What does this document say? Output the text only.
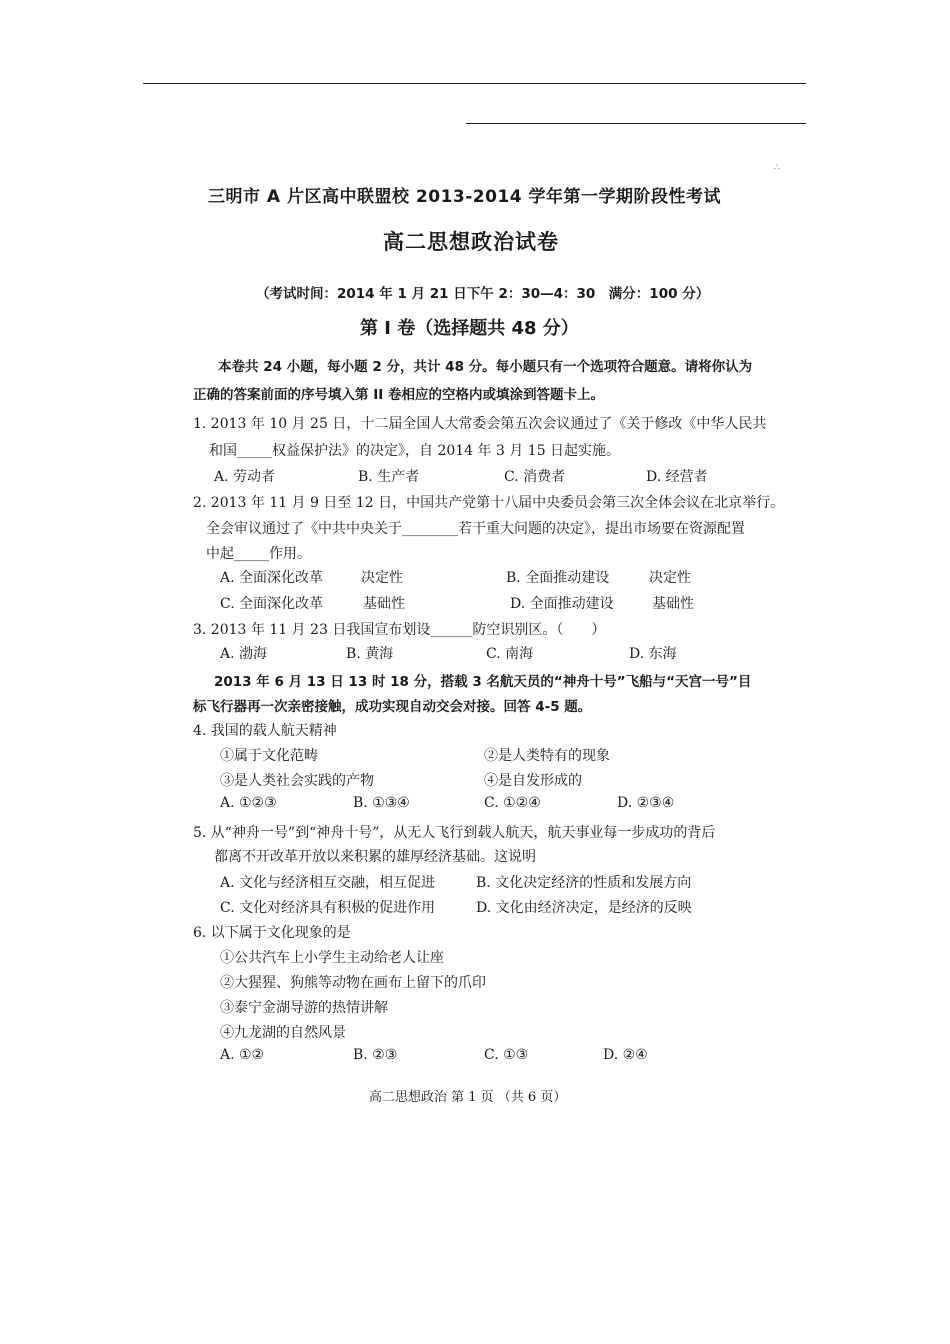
∴
三明市 A 片区高中联盟校 2013-2014 学年第一学期阶段性考试
高二思想政治试卷
（考试时间：2014 年 1 月 21 日下午 2：30—4：30　满分：100 分）
第 I 卷（选择题共 48 分）
本卷共 24 小题，每小题 2 分，共计 48 分。每小题只有一个选项符合题意。请将你认为
正确的答案前面的序号填入第 II 卷相应的空格内或填涂到答题卡上。
1. 2013 年 10 月 25 日，十二届全国人大常委会第五次会议通过了《关于修改《中华人民共
和国_____权益保护法》的决定》，自 2014 年 3 月 15 日起实施。
A. 劳动者	B. 生产者	C. 消费者	D. 经营者
2. 2013 年 11 月 9 日至 12 日，中国共产党第十八届中央委员会第三次全体会议在北京举行。
全会审议通过了《中共中央关于________若干重大问题的决定》，提出市场要在资源配置
中起_____作用。
A. 全面深化改革	决定性	B. 全面推动建设	决定性
C. 全面深化改革	基础性	D. 全面推动建设	基础性
3. 2013 年 11 月 23 日我国宣布划设______防空识别区。（　　）
A. 渤海	B. 黄海	C. 南海	D. 东海
2013 年 6 月 13 日 13 时 18 分，搭载 3 名航天员的“神舟十号”飞船与“天宫一号”目
标飞行器再一次亲密接触，成功实现自动交会对接。回答 4-5 题。
4. 我国的载人航天精神
①属于文化范畴	②是人类特有的现象
③是人类社会实践的产物	④是自发形成的
A. ①②③	B. ①③④	C. ①②④	D. ②③④
5. 从“神舟一号”到“神舟十号”，从无人飞行到载人航天，航天事业每一步成功的背后
都离不开改革开放以来积累的雄厚经济基础。这说明
A. 文化与经济相互交融，相互促进	B. 文化决定经济的性质和发展方向
C. 文化对经济具有积极的促进作用	D. 文化由经济决定，是经济的反映
6. 以下属于文化现象的是
①公共汽车上小学生主动给老人让座
②大猩猩、狗熊等动物在画布上留下的爪印
③泰宁金湖导游的热情讲解
④九龙湖的自然风景
A. ①②	B. ②③	C. ①③	D. ②④
高二思想政治 第 1 页 （共 6 页）
